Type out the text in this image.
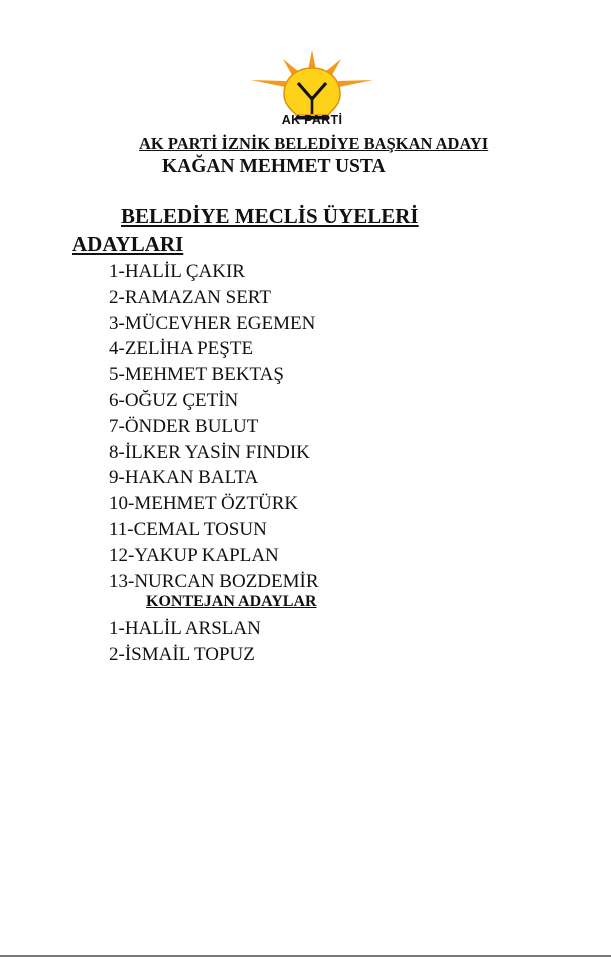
AK PARTİ
AK PARTİ İZNİK BELEDİYE BAŞKAN ADAYI
KAĞAN MEHMET USTA
BELEDİYE MECLİS ÜYELERİ
ADAYLARI
1-HALİL ÇAKIR
2-RAMAZAN SERT
3-MÜCEVHER EGEMEN
4-ZELİHA PEŞTE
5-MEHMET BEKTAŞ
6-OĞUZ ÇETİN
7-ÖNDER BULUT
8-İLKER YASİN FINDIK
9-HAKAN BALTA
10-MEHMET ÖZTÜRK
11-CEMAL TOSUN
12-YAKUP KAPLAN
13-NURCAN BOZDEMİR
KONTEJAN ADAYLAR
1-HALİL ARSLAN
2-İSMAİL TOPUZ
